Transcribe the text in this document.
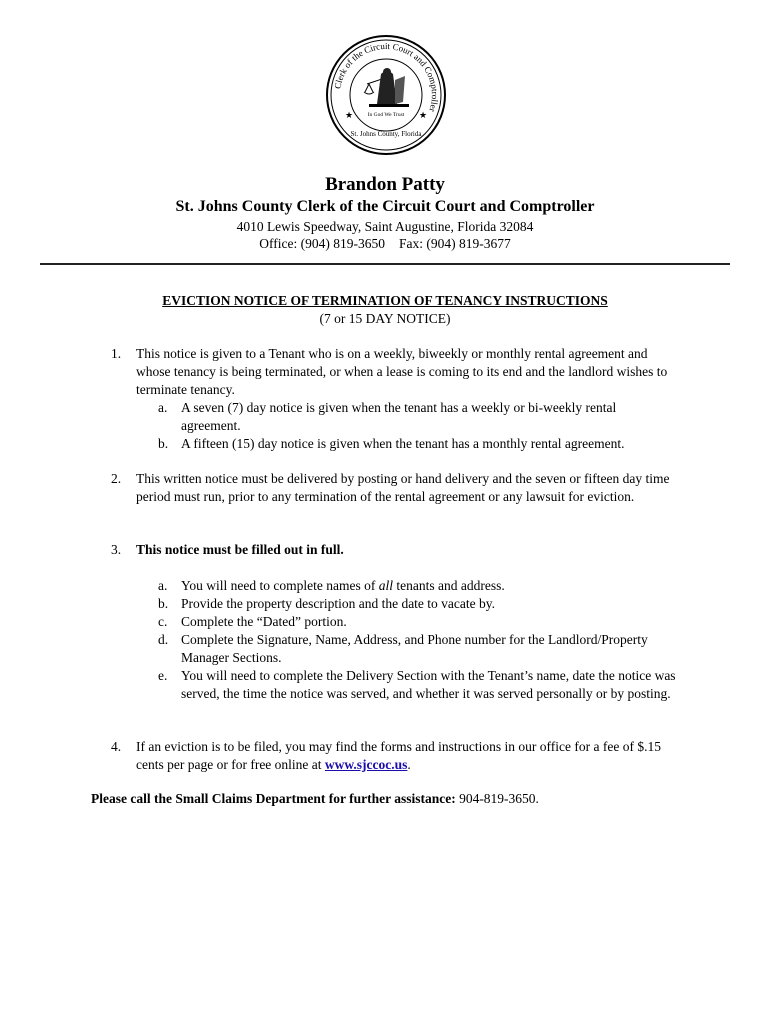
Clerk of the Circuit Court and Comptroller
St. Johns County, Florida
★	★
In God We Trust

Brandon Patty

St. Johns County Clerk of the Circuit Court and Comptroller

4010 Lewis Speedway, Saint Augustine, Florida 32084

Office: (904) 819-3650 Fax: (904) 819-3677

EVICTION NOTICE OF TERMINATION OF TENANCY INSTRUCTIONS

(7 or 15 DAY NOTICE)

1.	This notice is given to a Tenant who is on a weekly, biweekly or monthly rental agreement and whose tenancy is being terminated, or when a lease is coming to its end and the landlord wishes to terminate tenancy.
a. A seven (7) day notice is given when the tenant has a weekly or bi-weekly rental agreement.
b. A fifteen (15) day notice is given when the tenant has a monthly rental agreement.
2.	This written notice must be delivered by posting or hand delivery and the seven or fifteen day time period must run, prior to any termination of the rental agreement or any lawsuit for eviction.
3.	This notice must be filled out in full.
a. You will need to complete names of all tenants and address.
b. Provide the property description and the date to vacate by.
c. Complete the “Dated” portion.
d. Complete the Signature, Name, Address, and Phone number for the Landlord/Property Manager Sections.
e. You will need to complete the Delivery Section with the Tenant’s name, date the notice was served, the time the notice was served, and whether it was served personally or by posting.
4.	If an eviction is to be filed, you may find the forms and instructions in our office for a fee of $.15 cents per page or for free online at www.sjccoc.us.
Please call the Small Claims Department for further assistance: 904-819-3650.
